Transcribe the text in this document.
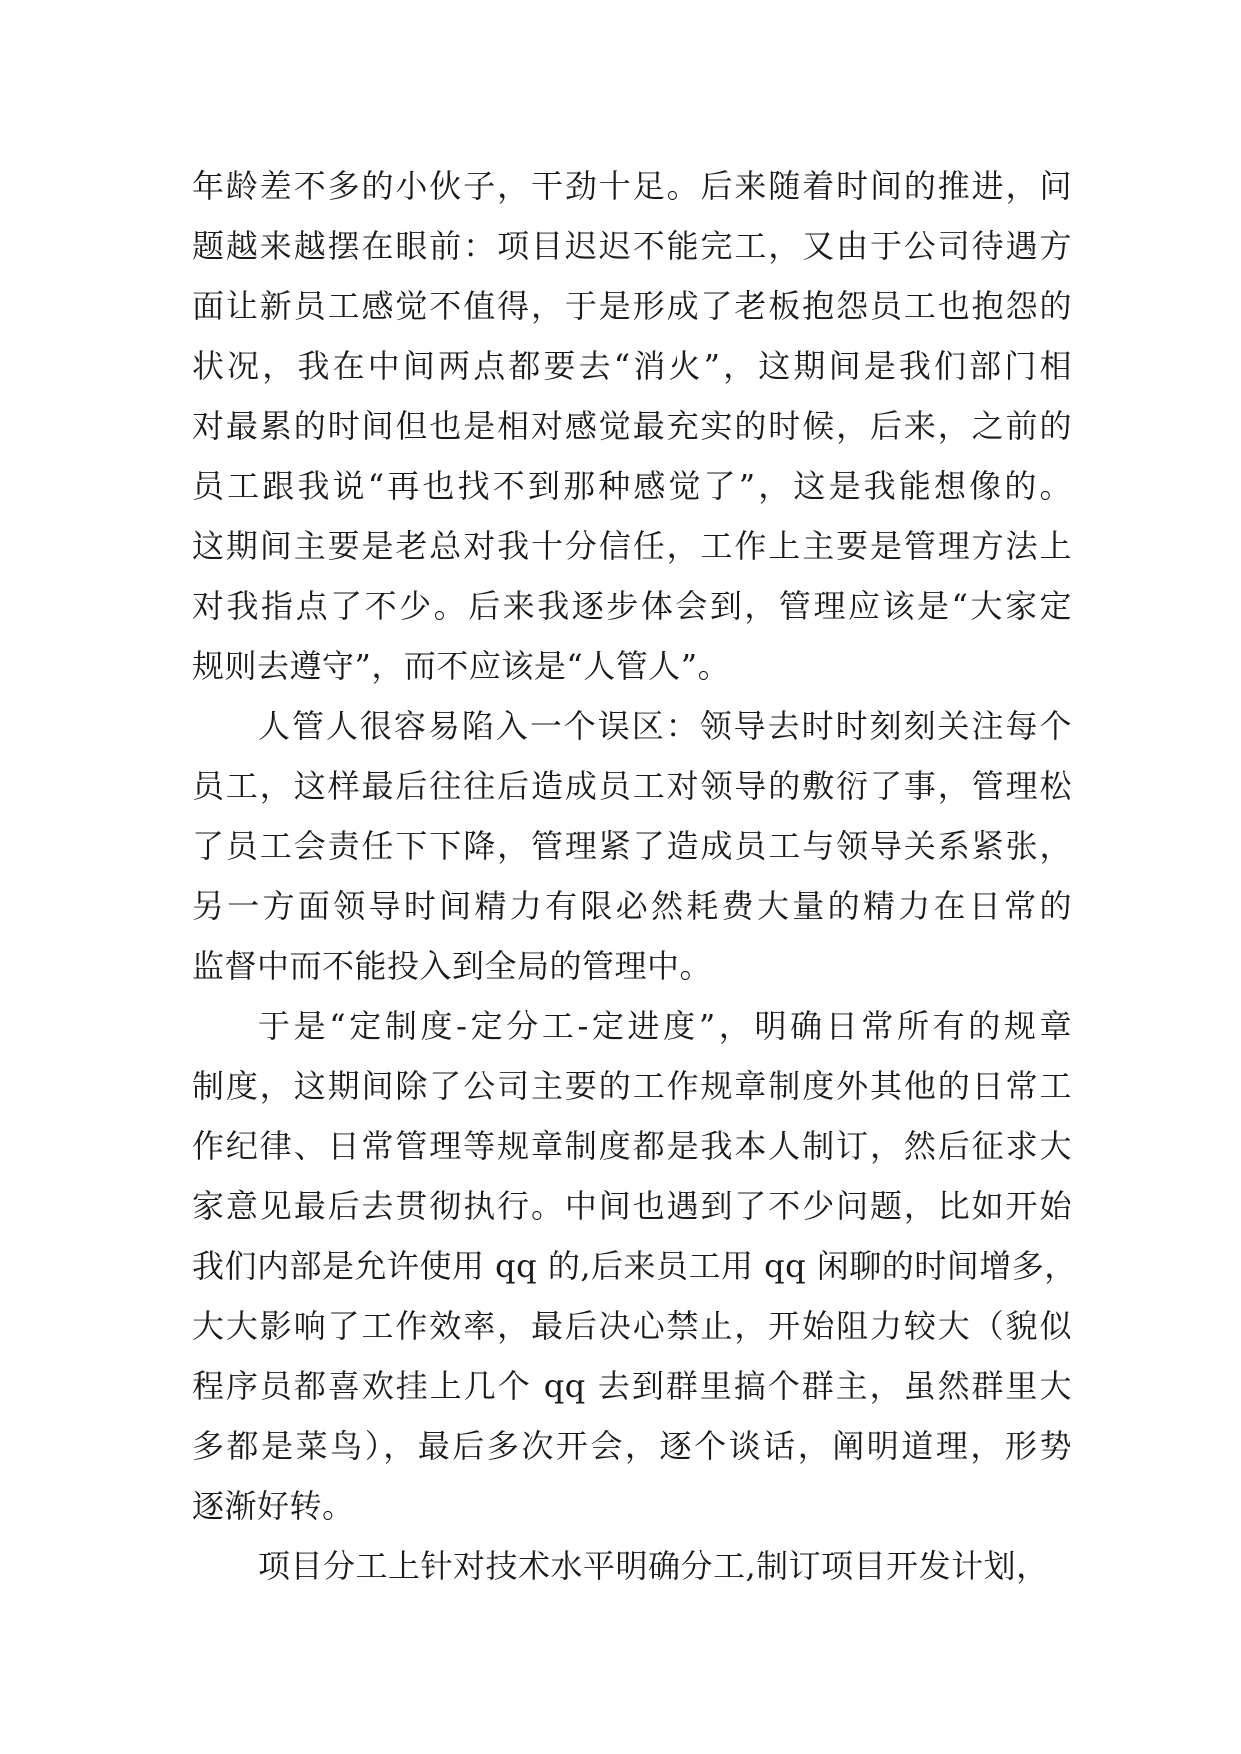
年龄差不多的小伙子，干劲十足。后来随着时间的推进，问
题越来越摆在眼前：项目迟迟不能完工，又由于公司待遇方
面让新员工感觉不值得，于是形成了老板抱怨员工也抱怨的
状况，我在中间两点都要去“消火”，这期间是我们部门相
对最累的时间但也是相对感觉最充实的时候，后来，之前的
员工跟我说“再也找不到那种感觉了”，这是我能想像的。
这期间主要是老总对我十分信任，工作上主要是管理方法上
对我指点了不少。后来我逐步体会到，管理应该是“大家定
规则去遵守”，而不应该是“人管人”。
人管人很容易陷入一个误区：领导去时时刻刻关注每个
员工，这样最后往往后造成员工对领导的敷衍了事，管理松
了员工会责任下下降，管理紧了造成员工与领导关系紧张，
另一方面领导时间精力有限必然耗费大量的精力在日常的
监督中而不能投入到全局的管理中。
于是“定制度-定分工-定进度”，明确日常所有的规章
制度，这期间除了公司主要的工作规章制度外其他的日常工
作纪律、日常管理等规章制度都是我本人制订，然后征求大
家意见最后去贯彻执行。中间也遇到了不少问题，比如开始
我们内部是允许使用 qq 的,后来员工用 qq 闲聊的时间增多，
大大影响了工作效率，最后决心禁止，开始阻力较大（貌似
程序员都喜欢挂上几个 qq 去到群里搞个群主，虽然群里大
多都是菜鸟），最后多次开会，逐个谈话，阐明道理，形势
逐渐好转。
项目分工上针对技术水平明确分工,制订项目开发计划，
